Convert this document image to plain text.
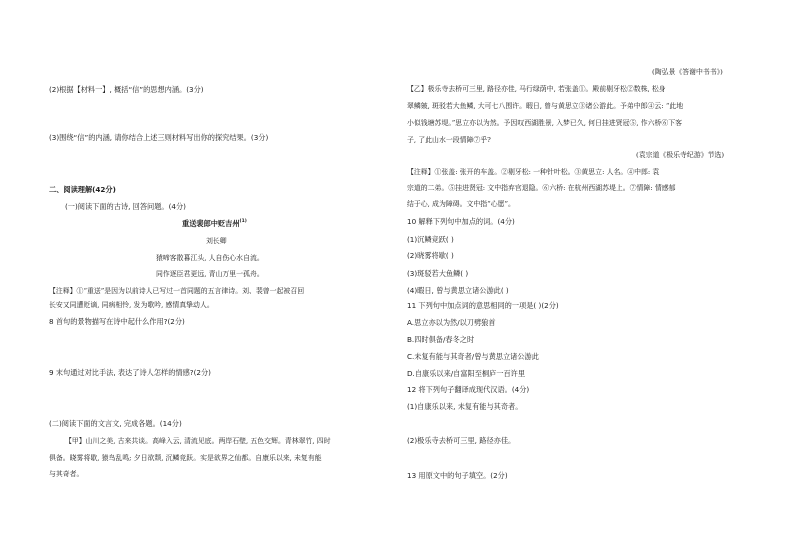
(2)根据【材料一】, 概括“信”的思想内涵。(3分)
(3)围绕“信”的内涵, 请你结合上述三则材料写出你的探究结果。(3分)
二、阅读理解(42分)
(一)阅读下面的古诗, 回答问题。(4分)
重送裴郎中贬吉州$^{(1)}$
刘长卿
猿啼客散暮江头, 人自伤心水自流。
同作逐臣君更远, 青山万里一孤舟。
【注释】①“重送”是因为以前诗人已写过一首同题的五言律诗。刘、裴曾一起被召回
长安又同遭贬谪, 同病相怜, 发为歌吟, 感情真挚动人。
8 首句的景物描写在诗中起什么作用?(2分)
9 末句通过对比手法, 表达了诗人怎样的情感?(2分)
(二)阅读下面的文言文, 完成各题。(14分)
【甲】山川之美, 古来共谈。高峰入云, 清流见底。两岸石壁, 五色交辉。青林翠竹, 四时
俱备。晓雾将歇, 猿鸟乱鸣; 夕日欲颓, 沉鳞竞跃。实是欲界之仙都。自康乐以来, 未复有能
与其奇者。
(陶弘景《答谢中书书》)
【乙】极乐寺去桥可三里, 路径亦佳, 马行绿荫中, 若张盖①。殿前剔牙松②数株, 松身
翠鳞皴, 斑驳若大鱼鳞, 大可七八围许。暇日, 曾与黄思立③诸公游此。予弟中郎④云: “此地
小似钱塘苏堤。”思立亦以为然。予因叹西湖胜景, 入梦已久, 何日挂进贤冠⑤, 作六桥⑥下客
子, 了此山水一段情障⑦乎?
(袁宗道《极乐寺纪游》节选)
【注释】①张盖: 张开的车盖。②剔牙松: 一种针叶松。③黄思立: 人名。④中郎: 袁
宗道的二弟。⑤挂进贤冠: 文中指弃官退隐。⑥六桥: 在杭州西湖苏堤上。⑦情障: 情感郁
结于心, 成为障碍。文中指“心愿”。
10 解释下列句中加点的词。(4分)
(1)沉鳞竞跃( )
(2)晓雾将歇( )
(3)斑驳若大鱼鳞( )
(4)暇日, 曾与黄思立诸公游此( )
11 下列句中加点词的意思相同的一项是( )(2分)
A.思立亦以为然/以刀劈狼首
B.四时俱备/春冬之时
C.未复有能与其奇者/曾与黄思立诸公游此
D.自康乐以来/自富阳至桐庐一百许里
12 将下列句子翻译成现代汉语。(4分)
(1)自康乐以来, 未复有能与其奇者。
(2)极乐寺去桥可三里, 路径亦佳。
13 用原文中的句子填空。(2分)
